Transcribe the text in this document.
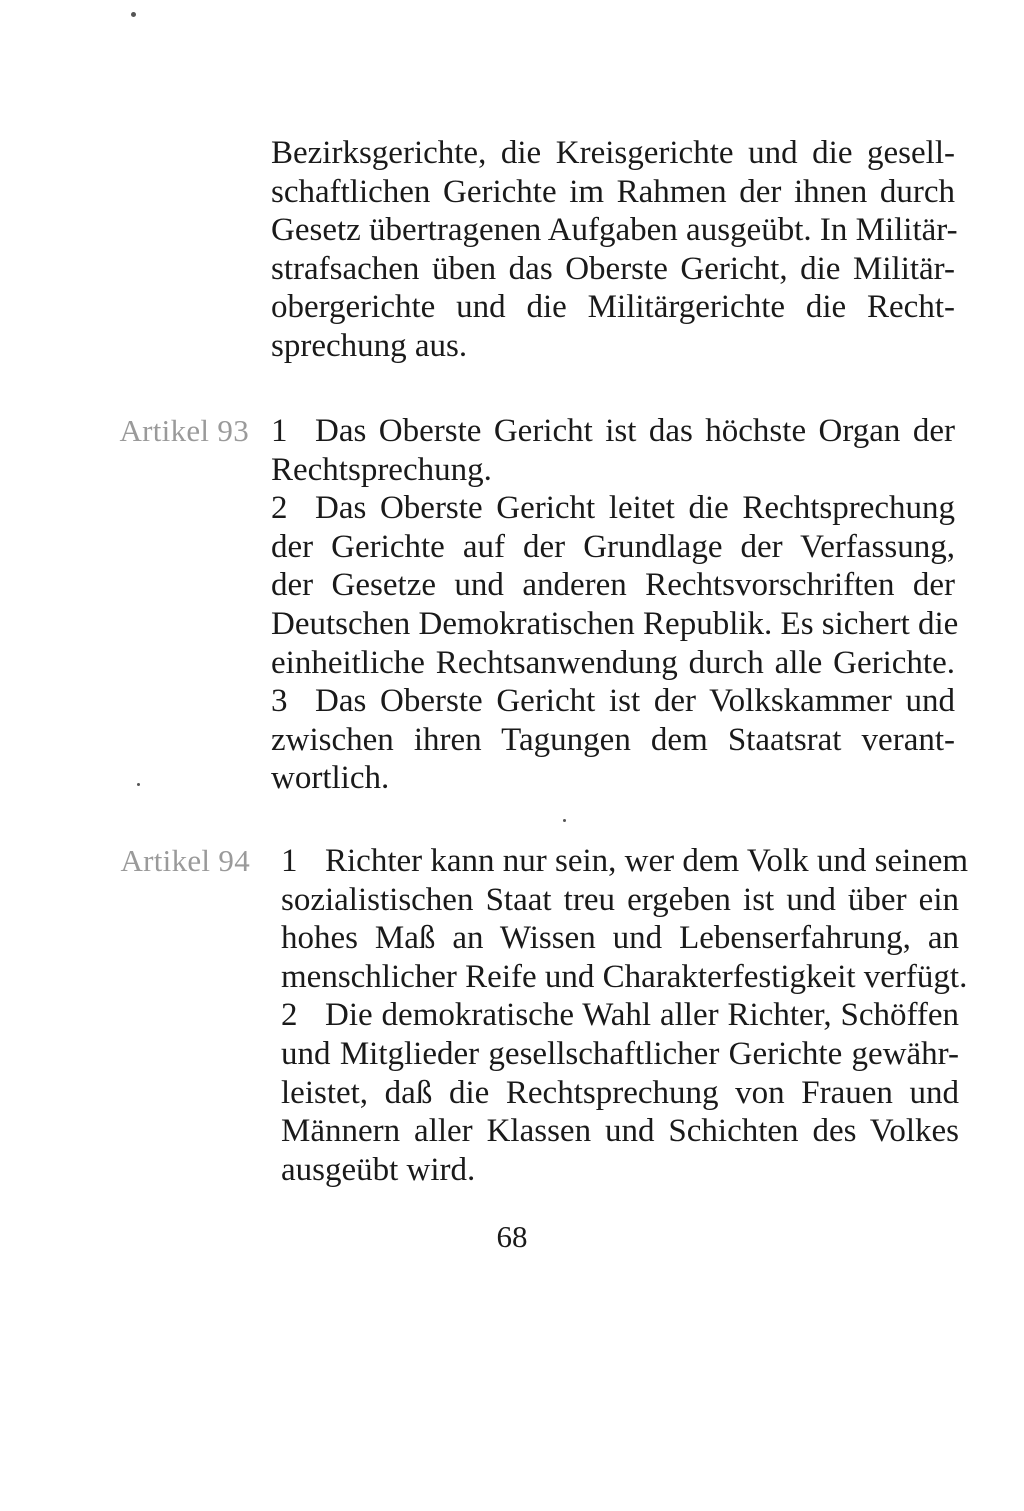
Bezirksgerichte, die Kreisgerichte und die gesell-
schaftlichen Gerichte im Rahmen der ihnen durch
Gesetz übertragenen Aufgaben ausgeübt. In Militär-
strafsachen üben das Oberste Gericht, die Militär-
obergerichte und die Militärgerichte die Recht-
sprechung aus.
Artikel 93 1 Das Oberste Gericht ist das höchste Organ der
Rechtsprechung.
2 Das Oberste Gericht leitet die Rechtsprechung
der Gerichte auf der Grundlage der Verfassung,
der Gesetze und anderen Rechtsvorschriften der
Deutschen Demokratischen Republik. Es sichert die
einheitliche Rechtsanwendung durch alle Gerichte.
3 Das Oberste Gericht ist der Volkskammer und
zwischen ihren Tagungen dem Staatsrat verant-
wortlich.
Artikel 94 1 Richter kann nur sein, wer dem Volk und seinem
sozialistischen Staat treu ergeben ist und über ein
hohes Maß an Wissen und Lebenserfahrung, an
menschlicher Reife und Charakterfestigkeit verfügt.
2 Die demokratische Wahl aller Richter, Schöffen
und Mitglieder gesellschaftlicher Gerichte gewähr-
leistet, daß die Rechtsprechung von Frauen und
Männern aller Klassen und Schichten des Volkes
ausgeübt wird.
68
